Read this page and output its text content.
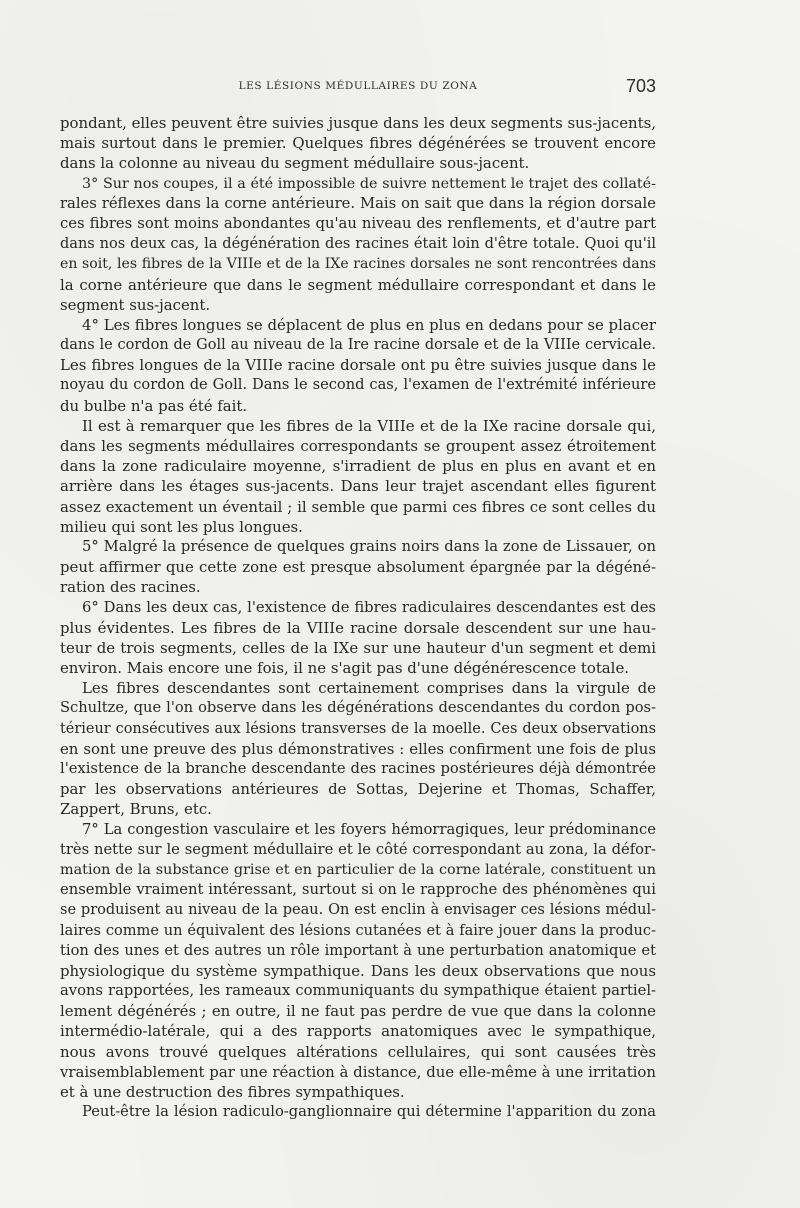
LES LÉSIONS MÉDULLAIRES DU ZONA	703
pondant, elles peuvent être suivies jusque dans les deux segments sus-jacents,
mais surtout dans le premier. Quelques fibres dégénérées se trouvent encore
dans la colonne au niveau du segment médullaire sous-jacent.
3° Sur nos coupes, il a été impossible de suivre nettement le trajet des collaté-
rales réflexes dans la corne antérieure. Mais on sait que dans la région dorsale
ces fibres sont moins abondantes qu'au niveau des renflements, et d'autre part
dans nos deux cas, la dégénération des racines était loin d'être totale. Quoi qu'il
en soit, les fibres de la VIIIe et de la IXe racines dorsales ne sont rencontrées dans
la corne antérieure que dans le segment médullaire correspondant et dans le
segment sus-jacent.
4° Les fibres longues se déplacent de plus en plus en dedans pour se placer
dans le cordon de Goll au niveau de la Ire racine dorsale et de la VIIIe cervicale.
Les fibres longues de la VIIIe racine dorsale ont pu être suivies jusque dans le
noyau du cordon de Goll. Dans le second cas, l'examen de l'extrémité inférieure
du bulbe n'a pas été fait.
Il est à remarquer que les fibres de la VIIIe et de la IXe racine dorsale qui,
dans les segments médullaires correspondants se groupent assez étroitement
dans la zone radiculaire moyenne, s'irradient de plus en plus en avant et en
arrière dans les étages sus-jacents. Dans leur trajet ascendant elles figurent
assez exactement un éventail ; il semble que parmi ces fibres ce sont celles du
milieu qui sont les plus longues.
5° Malgré la présence de quelques grains noirs dans la zone de Lissauer, on
peut affirmer que cette zone est presque absolument épargnée par la dégéné-
ration des racines.
6° Dans les deux cas, l'existence de fibres radiculaires descendantes est des
plus évidentes. Les fibres de la VIIIe racine dorsale descendent sur une hau-
teur de trois segments, celles de la IXe sur une hauteur d'un segment et demi
environ. Mais encore une fois, il ne s'agit pas d'une dégénérescence totale.
Les fibres descendantes sont certainement comprises dans la virgule de
Schultze, que l'on observe dans les dégénérations descendantes du cordon pos-
térieur consécutives aux lésions transverses de la moelle. Ces deux observations
en sont une preuve des plus démonstratives : elles confirment une fois de plus
l'existence de la branche descendante des racines postérieures déjà démontrée
par les observations antérieures de Sottas, Dejerine et Thomas, Schaffer,
Zappert, Bruns, etc.
7° La congestion vasculaire et les foyers hémorragiques, leur prédominance
très nette sur le segment médullaire et le côté correspondant au zona, la défor-
mation de la substance grise et en particulier de la corne latérale, constituent un
ensemble vraiment intéressant, surtout si on le rapproche des phénomènes qui
se produisent au niveau de la peau. On est enclin à envisager ces lésions médul-
laires comme un équivalent des lésions cutanées et à faire jouer dans la produc-
tion des unes et des autres un rôle important à une perturbation anatomique et
physiologique du système sympathique. Dans les deux observations que nous
avons rapportées, les rameaux communiquants du sympathique étaient partiel-
lement dégénérés ; en outre, il ne faut pas perdre de vue que dans la colonne
intermédio-latérale, qui a des rapports anatomiques avec le sympathique,
nous avons trouvé quelques altérations cellulaires, qui sont causées très
vraisemblablement par une réaction à distance, due elle-même à une irritation
et à une destruction des fibres sympathiques.
Peut-être la lésion radiculo-ganglionnaire qui détermine l'apparition du zona
